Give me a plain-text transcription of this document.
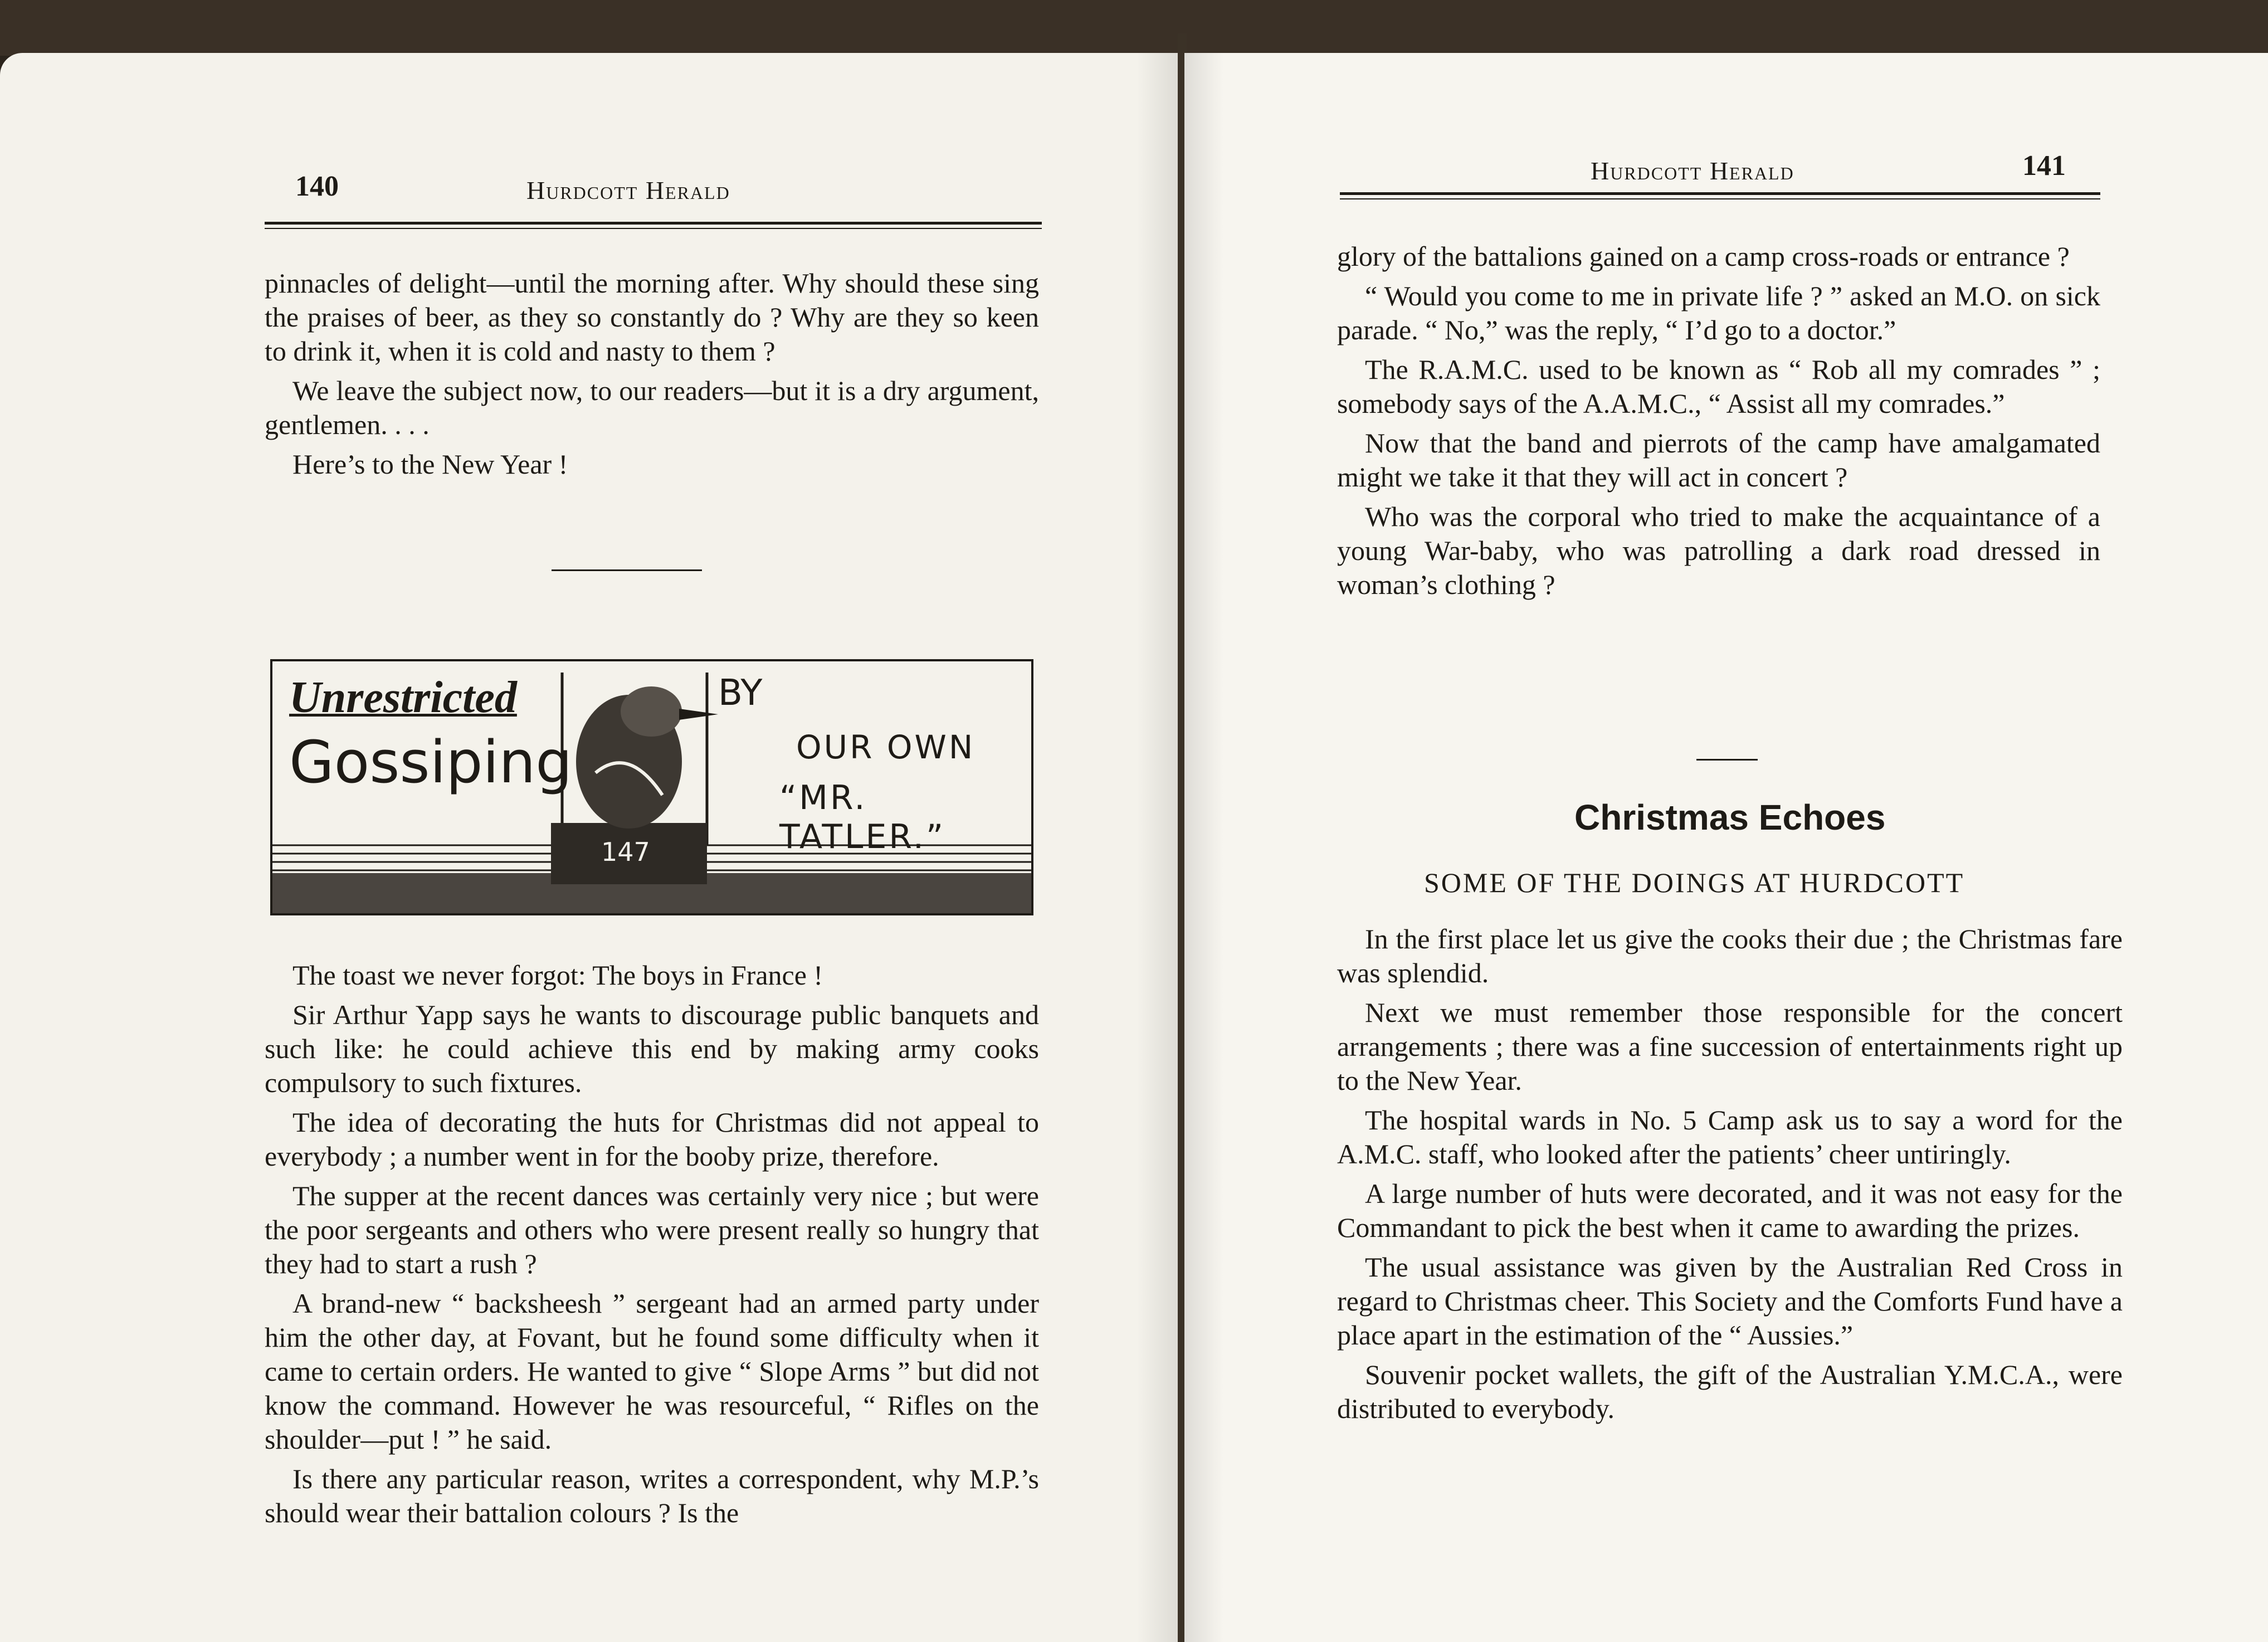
140	Hurdcott Herald

pinnacles of delight—until the morning after. Why should these sing the praises of beer, as they so constantly do ? Why are they so keen to drink it, when it is cold and nasty to them ?

We leave the subject now, to our readers—but it is a dry argument, gentlemen. . . .

Here’s to the New Year !

Unrestricted
Gossiping
BY
OUR OWN
“MR. TATLER.”
147

The toast we never forgot: The boys in France !

Sir Arthur Yapp says he wants to discourage public banquets and such like: he could achieve this end by making army cooks compulsory to such fixtures.

The idea of decorating the huts for Christmas did not appeal to everybody ; a number went in for the booby prize, therefore.

The supper at the recent dances was certainly very nice ; but were the poor sergeants and others who were present really so hungry that they had to start a rush ?

A brand-new “ backsheesh ” sergeant had an armed party under him the other day, at Fovant, but he found some difficulty when it came to certain orders. He wanted to give “ Slope Arms ” but did not know the command. However he was resourceful, “ Rifles on the shoulder—put ! ” he said.

Is there any particular reason, writes a correspondent, why M.P.’s should wear their battalion colours ? Is the

Hurdcott Herald	141

glory of the battalions gained on a camp cross-roads or entrance ?

“ Would you come to me in private life ? ” asked an M.O. on sick parade. “ No,” was the reply, “ I’d go to a doctor.”

The R.A.M.C. used to be known as “ Rob all my comrades ” ; somebody says of the A.A.M.C., “ Assist all my comrades.”

Now that the band and pierrots of the camp have amalgamated might we take it that they will act in concert ?

Who was the corporal who tried to make the acquaintance of a young War-baby, who was patrolling a dark road dressed in woman’s clothing ?

Christmas Echoes
SOME OF THE DOINGS AT HURDCOTT

In the first place let us give the cooks their due ; the Christmas fare was splendid.

Next we must remember those responsible for the concert arrangements ; there was a fine succession of entertainments right up to the New Year.

The hospital wards in No. 5 Camp ask us to say a word for the A.M.C. staff, who looked after the patients’ cheer untiringly.

A large number of huts were decorated, and it was not easy for the Commandant to pick the best when it came to awarding the prizes.

The usual assistance was given by the Australian Red Cross in regard to Christmas cheer. This Society and the Comforts Fund have a place apart in the estimation of the “ Aussies.”

Souvenir pocket wallets, the gift of the Australian Y.M.C.A., were distributed to everybody.
